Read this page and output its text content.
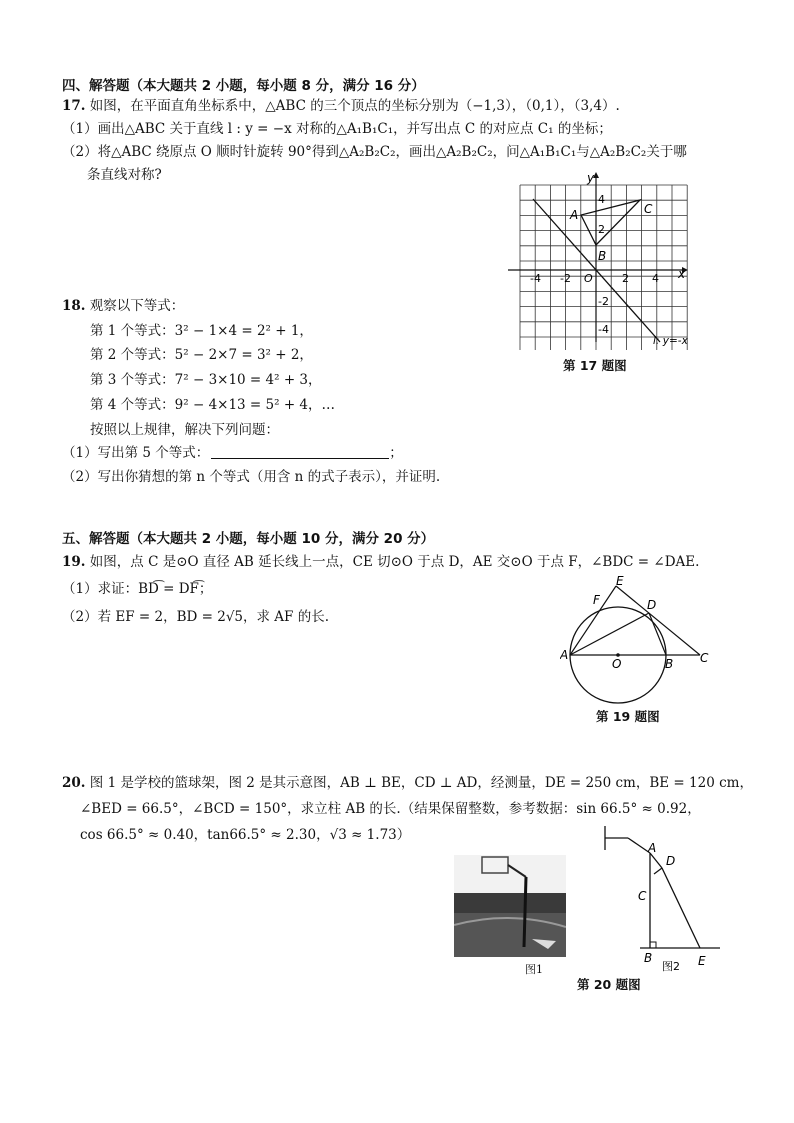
四、解答题（本大题共 2 小题，每小题 8 分，满分 16 分）
17. 如图，在平面直角坐标系中，△ABC 的三个顶点的坐标分别为（−1,3），（0,1），（3,4）.
（1）画出△ABC 关于直线 l : y = −x 对称的△A₁B₁C₁，并写出点 C 的对应点 C₁ 的坐标；
（2）将△ABC 绕原点 O 顺时针旋转 90°得到△A₂B₂C₂，画出△A₂B₂C₂，问△A₁B₁C₁与△A₂B₂C₂关于哪
条直线对称?	y
x
O
4
2
-2
-4
-4 -2	2 4
A
B
C
l: y=-x
第 17 题图
18. 观察以下等式：
第 1 个等式：3² − 1×4 = 2² + 1，
第 2 个等式：5² − 2×7 = 3² + 2，
第 3 个等式：7² − 3×10 = 4² + 3，
第 4 个等式：9² − 4×13 = 5² + 4，…
按照以上规律，解决下列问题：
（1）写出第 5 个等式：	；
（2）写出你猜想的第 n 个等式（用含 n 的式子表示），并证明.
五、解答题（本大题共 2 小题，每小题 10 分，满分 20 分）
19. 如图，点 C 是⊙O 直径 AB 延长线上一点，CE 切⊙O 于点 D，AE 交⊙O 于点 F，∠BDC = ∠DAE.
（1）求证：BD͡ = DF͡；
（2）若 EF = 2，BD = 2√5，求 AF 的长.
A
B C
D
E
F
O
第 19 题图
20. 图 1 是学校的篮球架，图 2 是其示意图，AB ⊥ BE，CD ⊥ AD，经测量，DE = 250 cm，BE = 120 cm，
∠BED = 66.5°，∠BCD = 150°，求立柱 AB 的长.（结果保留整数，参考数据：sin 66.5° ≈ 0.92，
cos 66.5° ≈ 0.40，tan66.5° ≈ 2.30，√3 ≈ 1.73）
图1
A
C
D
B	E
图2
第 20 题图
